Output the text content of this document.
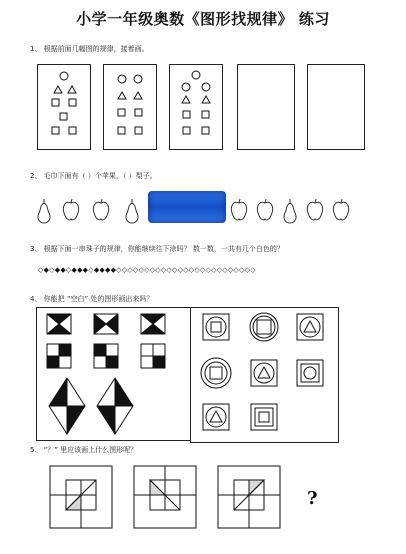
小学一年级奥数《图形找规律》 练习
1、 根据前面几幅图的规律，接着画。
2、 毛巾下面有（ ）个苹果，（ ）梨子。
3、 根据下面一串珠子的规律，你能继续往下涂吗？ 数一数，一共有几个白色的？
◇◆◇◆◆◇◆◆◆◇◆◆◆◆◇◇◇◇◇◇◇◇◇◇◇◇◇◇◇◇◇◇◇◇◇◇◇◇◇
4、 你能把 “空白” 处的图形画出来吗？
5、 “？” 里应该画上什么图形呢？
?
